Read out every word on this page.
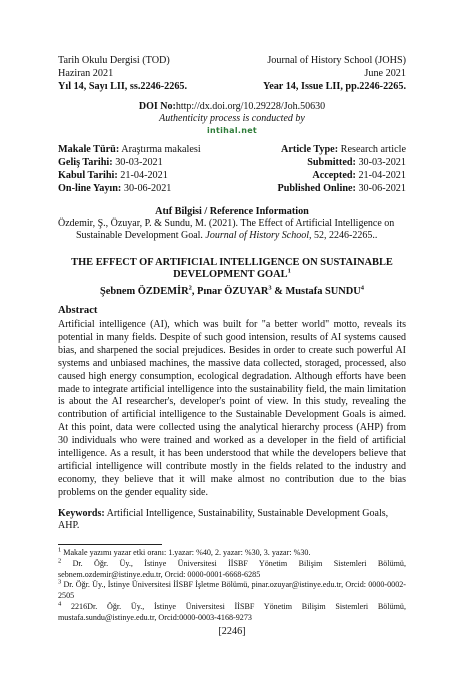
Tarih Okulu Dergisi (TOD)
Haziran 2021
Yıl 14, Sayı LII, ss.2246-2265.
Journal of History School (JOHS)
June 2021
Year 14, Issue LII, pp.2246-2265.
DOI No:http://dx.doi.org/10.29228/Joh.50630
Authenticity process is conducted by
intihal.net
Makale Türü: Araştırma makalesi
Geliş Tarihi: 30-03-2021
Kabul Tarihi: 21-04-2021
On-line Yayın: 30-06-2021
Article Type: Research article
Submitted: 30-03-2021
Accepted: 21-04-2021
Published Online: 30-06-2021
Atıf Bilgisi / Reference Information
Özdemir, Ş., Özuyar, P. & Sundu, M. (2021). The Effect of Artificial Intelligence on
Sustainable Development Goal. Journal of History School, 52, 2246-2265..
THE EFFECT OF ARTIFICIAL INTELLIGENCE ON SUSTAINABLE DEVELOPMENT GOAL$^1$
Şebnem ÖZDEMİR$^2$, Pınar ÖZUYAR$^3$ & Mustafa SUNDU$^4$
Abstract
Artificial intelligence (AI), which was built for "a better world" motto, reveals its potential in many fields. Despite of such good intension, results of AI systems caused bias, and sharpened the social prejudices. Besides in order to create such powerful AI systems and unbiased machines, the massive data collected, storaged, processed, also caused high energy consumption, ecological degradation. Although efforts have been made to integrate artificial intelligence into the sustainability field, the main limitation is about the AI researcher's, developer's point of view. In this study, revealing the contribution of artificial intelligence to the Sustainable Development Goals is aimed. At this point, data were collected using the analytical hierarchy process (AHP) from 30 individuals who were trained and worked as a developer in the field of artificial intelligence. As a result, it has been understood that while the developers believe that artificial intelligence will contribute mostly in the fields related to the industry and economy, they believe that it will make almost no contribution due to the bias problems on the gender equality side.
Keywords: Artificial Intelligence, Sustainability, Sustainable Development Goals, AHP.

$^1$ Makale yazımı yazar etki oranı: 1.yazar: %40, 2. yazar: %30, 3. yazar: %30.

$^2$ Dr. Öğr. Üy., İstinye Üniversitesi İİSBF Yönetim Bilişim Sistemleri Bölümü, sebnem.ozdemir@istinye.edu.tr, Orcid: 0000-0001-6668-6285

$^3$ Dr. Öğr. Üy., İstinye Üniversitesi İİSBF İşletme Bölümü, pinar.ozuyar@istinye.edu.tr, Orcid: 0000-0002-2505

$^4$ 2216Dr. Öğr. Üy., İstinye Üniversitesi İİSBF Yönetim Bilişim Sistemleri Bölümü, mustafa.sundu@istinye.edu.tr, Orcid:0000-0003-4168-9273

[2246]
